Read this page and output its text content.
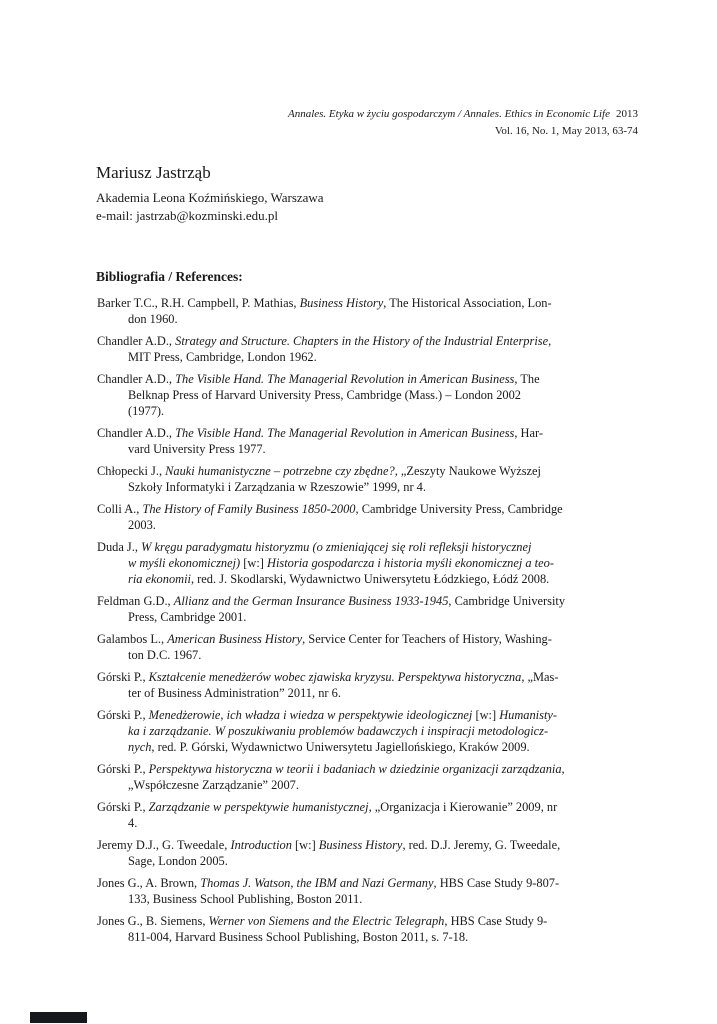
Annales. Etyka w życiu gospodarczym / Annales. Ethics in Economic Life 2013
Vol. 16, No. 1, May 2013, 63-74
Mariusz Jastrząb
Akademia Leona Koźmińskiego, Warszawa
e-mail: jastrzab@kozminski.edu.pl
Bibliografia / References:
Barker T.C., R.H. Campbell, P. Mathias, Business History, The Historical Association, Lon-
don 1960.
Chandler A.D., Strategy and Structure. Chapters in the History of the Industrial Enterprise,
MIT Press, Cambridge, London 1962.
Chandler A.D., The Visible Hand. The Managerial Revolution in American Business, The
Belknap Press of Harvard University Press, Cambridge (Mass.) – London 2002
(1977).
Chandler A.D., The Visible Hand. The Managerial Revolution in American Business, Har-
vard University Press 1977.
Chłopecki J., Nauki humanistyczne – potrzebne czy zbędne?, „Zeszyty Naukowe Wyższej
Szkoły Informatyki i Zarządzania w Rzeszowie” 1999, nr 4.
Colli A., The History of Family Business 1850-2000, Cambridge University Press, Cambridge
2003.
Duda J., W kręgu paradygmatu historyzmu (o zmieniającej się roli refleksji historycznej
w myśli ekonomicznej) [w:] Historia gospodarcza i historia myśli ekonomicznej a teo-
ria ekonomii, red. J. Skodlarski, Wydawnictwo Uniwersytetu Łódzkiego, Łódź 2008.
Feldman G.D., Allianz and the German Insurance Business 1933-1945, Cambridge University
Press, Cambridge 2001.
Galambos L., American Business History, Service Center for Teachers of History, Washing-
ton D.C. 1967.
Górski P., Kształcenie menedżerów wobec zjawiska kryzysu. Perspektywa historyczna, „Mas-
ter of Business Administration” 2011, nr 6.
Górski P., Menedżerowie, ich władza i wiedza w perspektywie ideologicznej [w:] Humanisty-
ka i zarządzanie. W poszukiwaniu problemów badawczych i inspiracji metodologicz-
nych, red. P. Górski, Wydawnictwo Uniwersytetu Jagiellońskiego, Kraków 2009.
Górski P., Perspektywa historyczna w teorii i badaniach w dziedzinie organizacji zarządzania,
„Współczesne Zarządzanie” 2007.
Górski P., Zarządzanie w perspektywie humanistycznej, „Organizacja i Kierowanie” 2009, nr
4.
Jeremy D.J., G. Tweedale, Introduction [w:] Business History, red. D.J. Jeremy, G. Tweedale,
Sage, London 2005.
Jones G., A. Brown, Thomas J. Watson, the IBM and Nazi Germany, HBS Case Study 9-807-
133, Business School Publishing, Boston 2011.
Jones G., B. Siemens, Werner von Siemens and the Electric Telegraph, HBS Case Study 9-
811-004, Harvard Business School Publishing, Boston 2011, s. 7-18.
